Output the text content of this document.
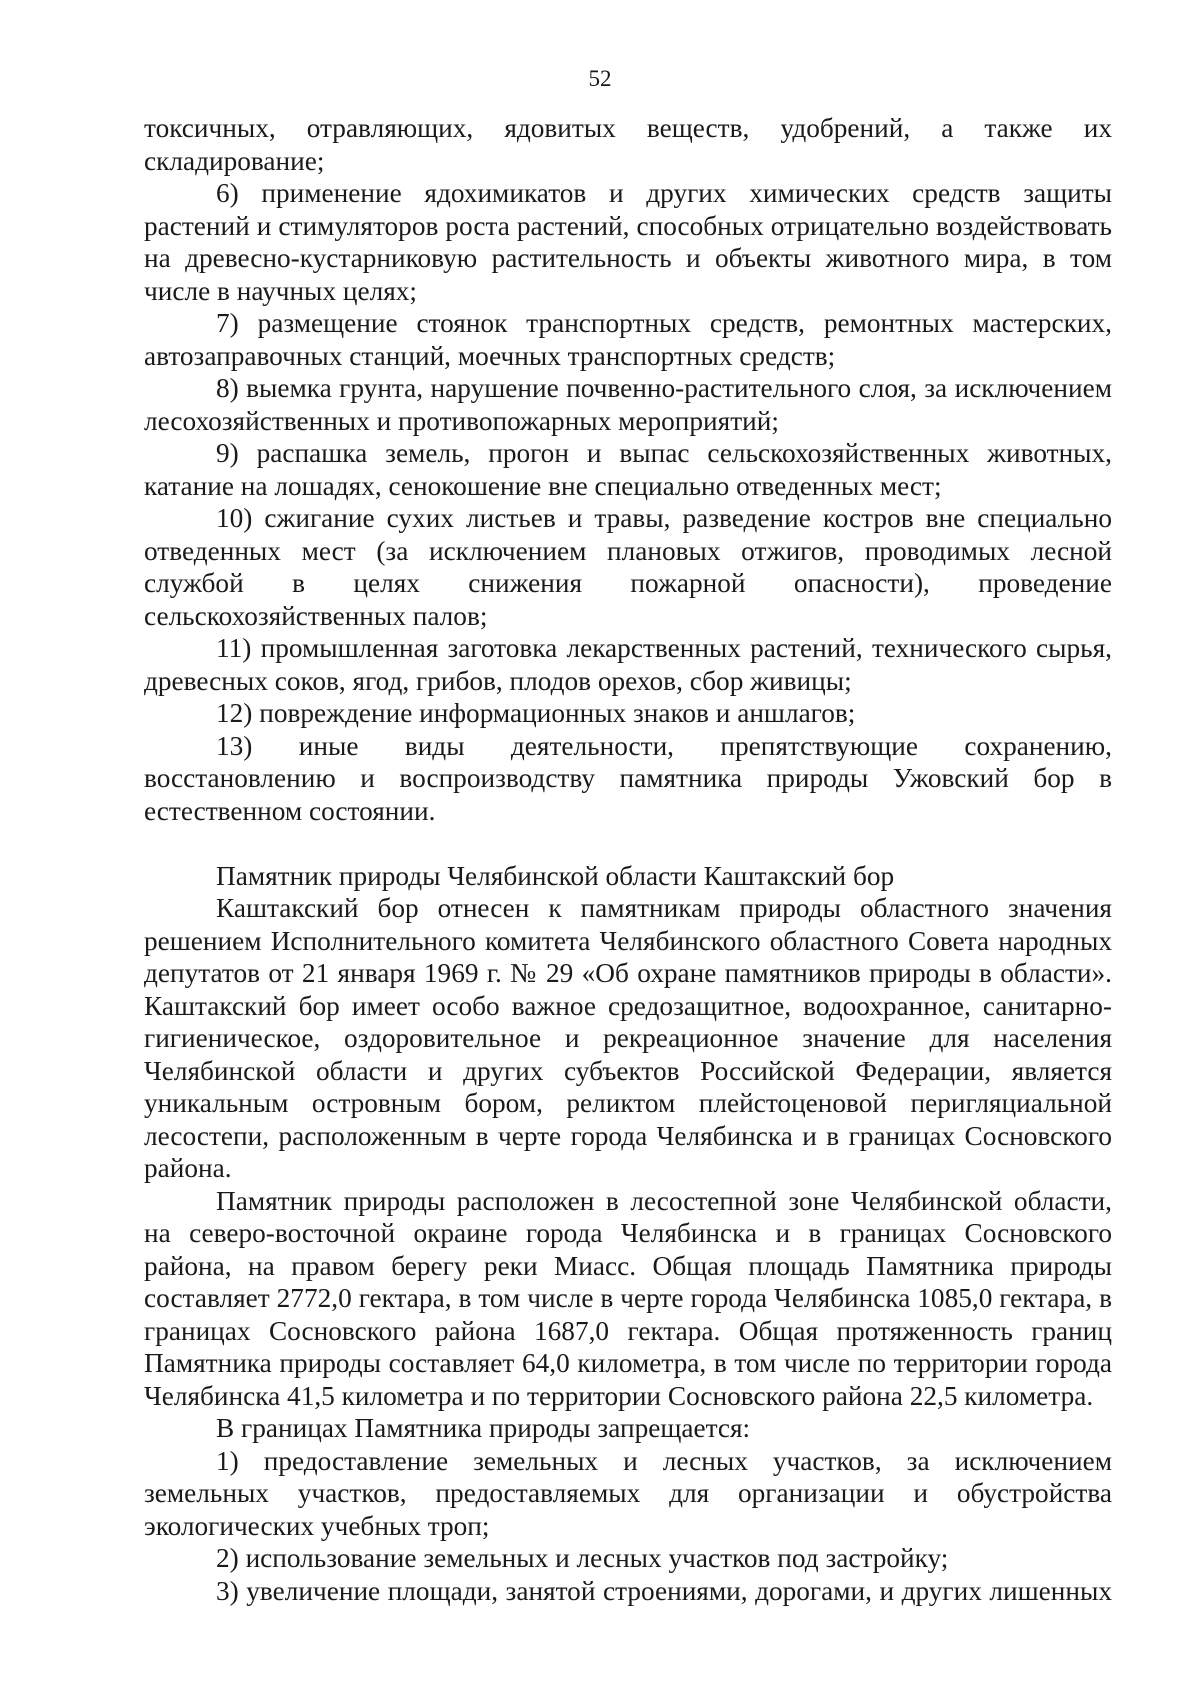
52

токсичных, отравляющих, ядовитых веществ, удобрений, а также их складирование;

6) применение ядохимикатов и других химических средств защиты растений и стимуляторов роста растений, способных отрицательно воздействовать на древесно-кустарниковую растительность и объекты животного мира, в том числе в научных целях;

7) размещение стоянок транспортных средств, ремонтных мастерских, автозаправочных станций, моечных транспортных средств;

8) выемка грунта, нарушение почвенно-растительного слоя, за исключением лесохозяйственных и противопожарных мероприятий;

9) распашка земель, прогон и выпас сельскохозяйственных животных, катание на лошадях, сенокошение вне специально отведенных мест;

10) сжигание сухих листьев и травы, разведение костров вне специально отведенных мест (за исключением плановых отжигов, проводимых лесной службой в целях снижения пожарной опасности), проведение сельскохозяйственных палов;

11) промышленная заготовка лекарственных растений, технического сырья, древесных соков, ягод, грибов, плодов орехов, сбор живицы;

12) повреждение информационных знаков и аншлагов;

13) иные виды деятельности, препятствующие сохранению, восстановлению и воспроизводству памятника природы Ужовский бор в естественном состоянии.

Памятник природы Челябинской области Каштакский бор

Каштакский бор отнесен к памятникам природы областного значения решением Исполнительного комитета Челябинского областного Совета народных депутатов от 21 января 1969 г. № 29 «Об охране памятников природы в области». Каштакский бор имеет особо важное средозащитное, водоохранное, санитарно-гигиеническое, оздоровительное и рекреационное значение для населения Челябинской области и других субъектов Российской Федерации, является уникальным островным бором, реликтом плейстоценовой перигляциальной лесостепи, расположенным в черте города Челябинска и в границах Сосновского района.

Памятник природы расположен в лесостепной зоне Челябинской области, на северо-восточной окраине города Челябинска и в границах Сосновского района, на правом берегу реки Миасс. Общая площадь Памятника природы составляет 2772,0 гектара, в том числе в черте города Челябинска 1085,0 гектара, в границах Сосновского района 1687,0 гектара. Общая протяженность границ Памятника природы составляет 64,0 километра, в том числе по территории города Челябинска 41,5 километра и по территории Сосновского района 22,5 километра.

В границах Памятника природы запрещается:

1) предоставление земельных и лесных участков, за исключением земельных участков, предоставляемых для организации и обустройства экологических учебных троп;

2) использование земельных и лесных участков под застройку;

3) увеличение площади, занятой строениями, дорогами, и других лишенных
